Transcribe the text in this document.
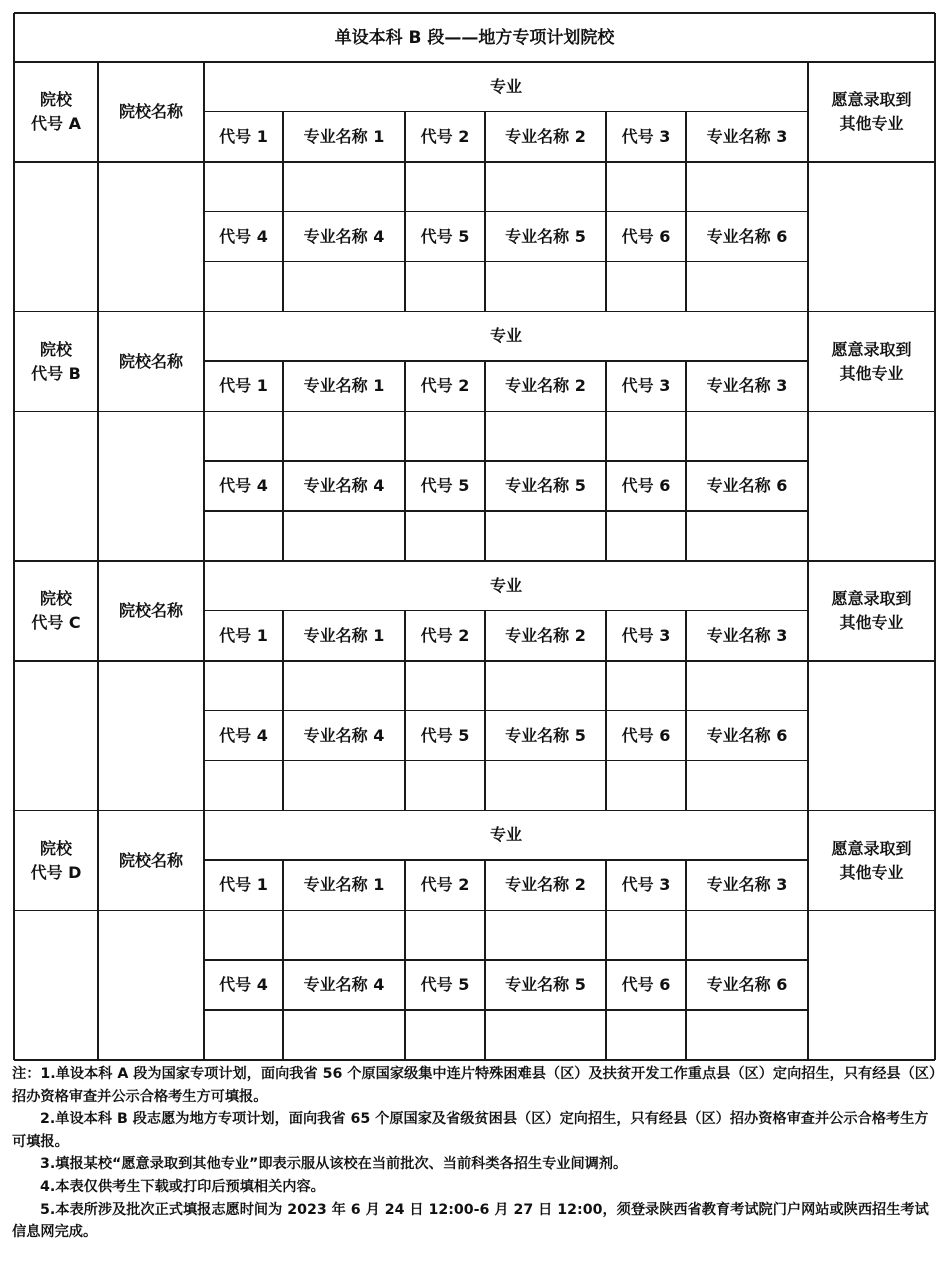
单设本科 B 段——地方专项计划院校
院校
代号 A
院校名称
专业
愿意录取到
其他专业
代号 1
代号 4
专业名称 1
专业名称 4
代号 2
代号 5
专业名称 2
专业名称 5
代号 3
代号 6
专业名称 3
专业名称 6
院校
代号 B
院校名称
专业
愿意录取到
其他专业
代号 1
代号 4
专业名称 1
专业名称 4
代号 2
代号 5
专业名称 2
专业名称 5
代号 3
代号 6
专业名称 3
专业名称 6
院校
代号 C
院校名称
专业
愿意录取到
其他专业
代号 1
代号 4
专业名称 1
专业名称 4
代号 2
代号 5
专业名称 2
专业名称 5
代号 3
代号 6
专业名称 3
专业名称 6
院校
代号 D
院校名称
专业
愿意录取到
其他专业
代号 1
代号 4
专业名称 1
专业名称 4
代号 2
代号 5
专业名称 2
专业名称 5
代号 3
代号 6
专业名称 3
专业名称 6

注：1.单设本科 A 段为国家专项计划，面向我省 56 个原国家级集中连片特殊困难县（区）及扶贫开发工作重点县（区）定向招生，只有经县（区）招办资格审查并公示合格考生方可填报。

2.单设本科 B 段志愿为地方专项计划，面向我省 65 个原国家及省级贫困县（区）定向招生，只有经县（区）招办资格审查并公示合格考生方可填报。

3.填报某校“愿意录取到其他专业”即表示服从该校在当前批次、当前科类各招生专业间调剂。

4.本表仅供考生下载或打印后预填相关内容。

5.本表所涉及批次正式填报志愿时间为 2023 年 6 月 24 日 12:00-6 月 27 日 12:00，须登录陕西省教育考试院门户网站或陕西招生考试信息网完成。
